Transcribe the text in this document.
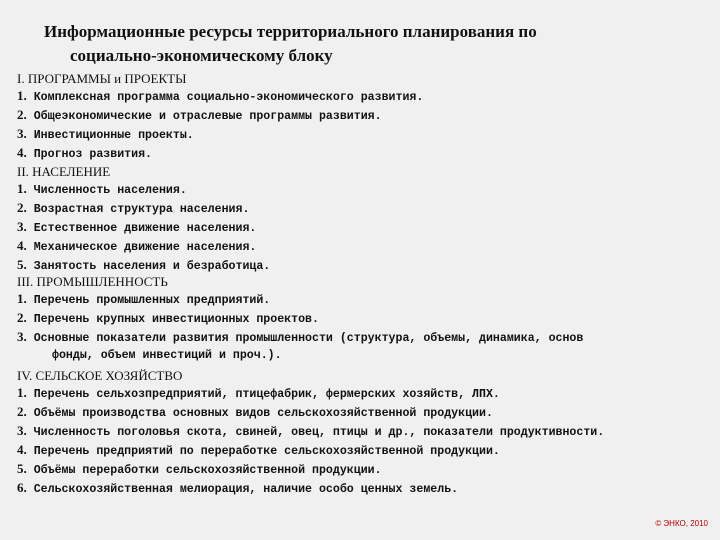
Информационные ресурсы территориального планирования по
социально-экономическому блоку
I. ПРОГРАММЫ и ПРОЕКТЫ
1. Комплексная программа социально-экономического развития.
2. Общеэкономические и отраслевые программы развития.
3. Инвестиционные проекты.
4. Прогноз развития.
II. НАСЕЛЕНИЕ
1. Численность населения.
2. Возрастная структура населения.
3. Естественное движение населения.
4. Механическое движение населения.
5. Занятость населения и безработица.
III. ПРОМЫШЛЕННОСТЬ
1. Перечень промышленных предприятий.
2. Перечень крупных инвестиционных проектов.
3. Основные показатели развития промышленности (структура, объемы, динамика, основ
фонды, объем инвестиций и проч.).
IV. СЕЛЬСКОЕ ХОЗЯЙСТВО
1. Перечень сельхозпредприятий, птицефабрик, фермерских хозяйств, ЛПХ.
2. Объёмы производства основных видов сельскохозяйственной продукции.
3. Численность поголовья скота, свиней, овец, птицы и др., показатели продуктивности.
4. Перечень предприятий по переработке сельскохозяйственной продукции.
5. Объёмы переработки сельскохозяйственной продукции.
6. Сельскохозяйственная мелиорация, наличие особо ценных земель.
© ЭНКО, 2010
